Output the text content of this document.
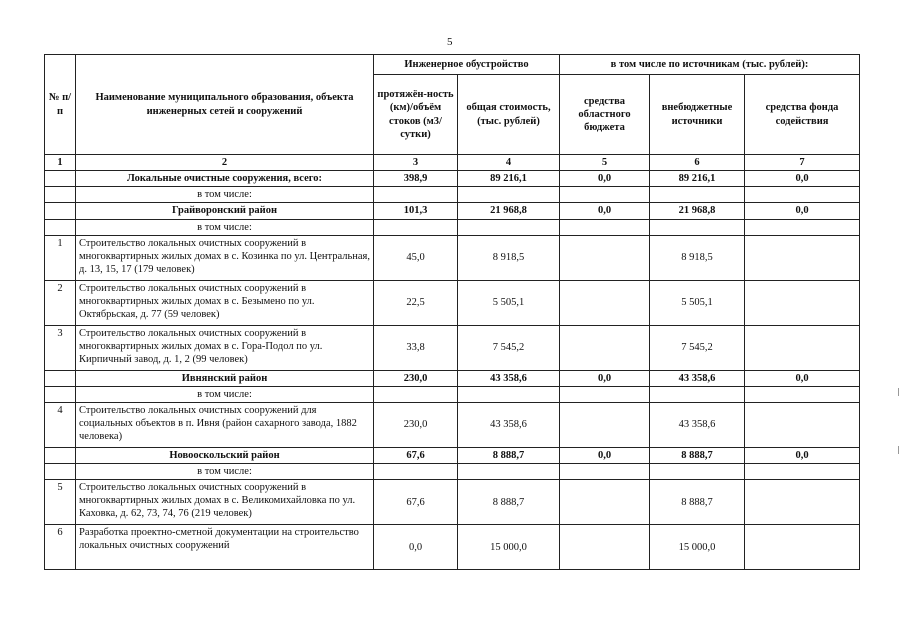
5
№ п/п	Наименование муниципального образования, объекта инженерных сетей и сооружений	Инженерное обустройство		в том числе по источникам (тыс. рублей):		
		протяжён-ность (км)/объём стоков (м3/сутки)	общая стоимость, (тыс. рублей)	средства областного бюджета	внебюджетные источники	средства фонда содействия
1	2	3	4	5	6	7
	Локальные очистные сооружения, всего:	398,9	89 216,1	0,0	89 216,1	0,0
	в том числе:					
	Грайворонский район	101,3	21 968,8	0,0	21 968,8	0,0
	в том числе:					
1	Строительство локальных очистных сооружений в многоквартирных жилых домах в с. Козинка по ул. Центральная, д. 13, 15, 17 (179 человек)	45,0	8 918,5		8 918,5	
2	Строительство локальных очистных сооружений в многоквартирных жилых домах в с. Безымено по ул. Октябрьская, д. 77 (59 человек)	22,5	5 505,1		5 505,1	
3	Строительство локальных очистных сооружений в многоквартирных жилых домах в с. Гора-Подол по ул. Кирпичный завод, д. 1, 2 (99 человек)	33,8	7 545,2		7 545,2	
	Ивнянский район	230,0	43 358,6	0,0	43 358,6	0,0
	в том числе:					
4	Строительство локальных очистных сооружений для социальных объектов в п. Ивня (район сахарного завода, 1882 человека)	230,0	43 358,6		43 358,6	
	Новооскольский район	67,6	8 888,7	0,0	8 888,7	0,0
	в том числе:					
5	Строительство локальных очистных сооружений в многоквартирных жилых домах в с. Великомихайловка по ул. Каховка, д. 62, 73, 74, 76 (219 человек)	67,6	8 888,7		8 888,7	
6	Разработка проектно-сметной документации на строительство локальных очистных сооружений	0,0	15 000,0		15 000,0	
